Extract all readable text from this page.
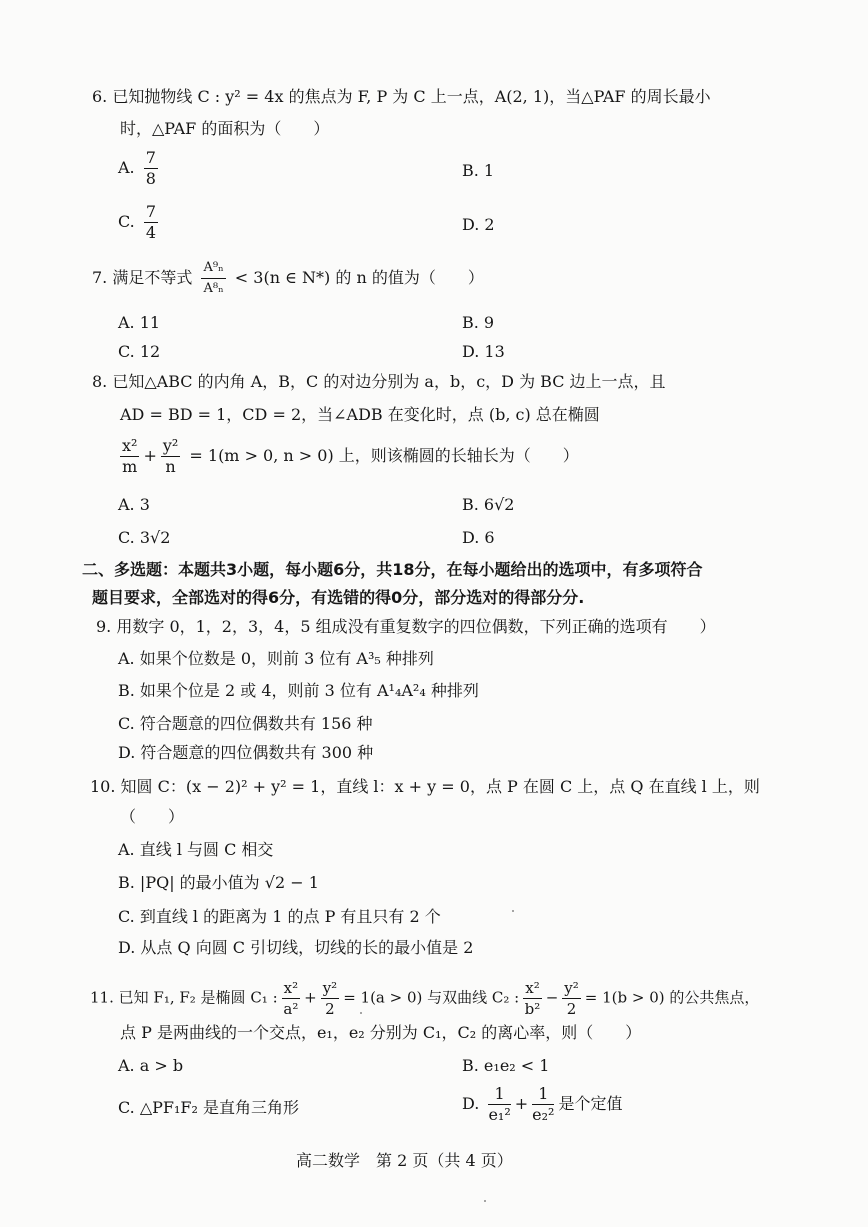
6. 已知抛物线 C : y² = 4x 的焦点为 F, P 为 C 上一点，A(2, 1)，当△PAF 的周长最小
时，△PAF 的面积为（　　）
A. $\frac{7}{8}$	B. 1
C. $\frac{7}{4}$	D. 2
7. 满足不等式 $\frac{\text{A⁹ₙ}}{\text{A⁸ₙ}} < 3(n$ ∈ N*) 的 n 的值为（　　）
A. 11	B. 9
C. 12	D. 13
8. 已知△ABC 的内角 A，B，C 的对边分别为 a，b，c，D 为 BC 边上一点，且
AD = BD = 1，CD = 2，当∠ADB 在变化时，点 (b, c) 总在椭圆
$\frac{\text{x²}}{m} + \frac{\text{y²}}{n} = 1(m > 0$, n > 0) 上，则该椭圆的长轴长为（　　）
A. 3	B. 6√2
C. 3√2	D. 6
二、多选题：本题共3小题，每小题6分，共18分，在每小题给出的选项中，有多项符合
题目要求，全部选对的得6分，有选错的得0分，部分选对的得部分分.
9. 用数字 0，1，2，3，4，5 组成没有重复数字的四位偶数，下列正确的选项有　　）
A. 如果个位数是 0，则前 3 位有 A³₅ 种排列
B. 如果个位是 2 或 4，则前 3 位有 A¹₄A²₄ 种排列
C. 符合题意的四位偶数共有 156 种
D. 符合题意的四位偶数共有 300 种
10. 知圆 C：(x − 2)² + y² = 1，直线 l：x + y = 0，点 P 在圆 C 上，点 Q 在直线 l 上，则
（　　）
A. 直线 l 与圆 C 相交
B. |PQ| 的最小值为 √2 − 1
C. 到直线 l 的距离为 1 的点 P 有且只有 2 个
D. 从点 Q 向圆 C 引切线，切线的长的最小值是 2
11. 已知 F₁, F₂ 是椭圆 C₁ : $\frac{\text{x²}}{\text{a²}} + \frac{\text{y²}}{2} = 1(a > 0)$ 与双曲线 C₂ : $\frac{\text{x²}}{\text{b²}} - \frac{\text{y²}}{2} = 1(b > 0)$ 的公共焦点，
点 P 是两曲线的一个交点，e₁，e₂ 分别为 C₁，C₂ 的离心率，则（　　）
A. a > b	B. e₁e₂ < 1
C. △PF₁F₂ 是直角三角形	D. $\frac{1}{\text{e₁²}} + \frac{1}{\text{e₂²}}$ 是个定值
高二数学　第 2 页（共 4 页）
